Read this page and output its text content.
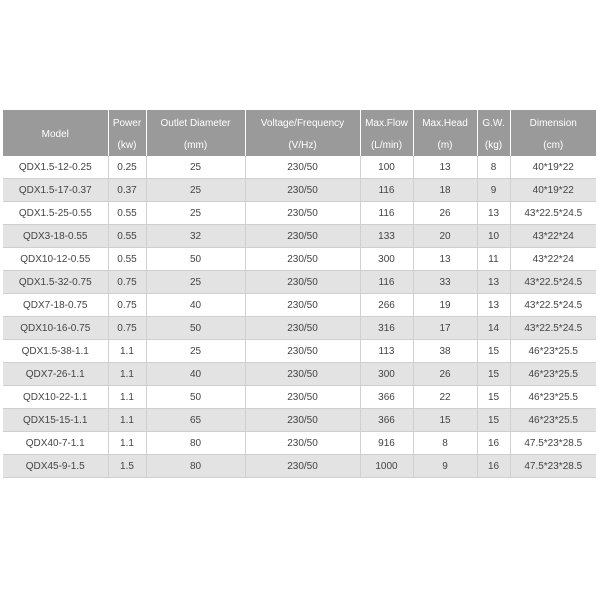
Model	Power	Outlet Diameter	Voltage/Frequency	Max.Flow	Max.Head	G.W.	Dimension
	(kw)	(mm)	(V/Hz)	(L/min)	(m)	(kg)	(cm)
QDX1.5-12-0.25	0.25	25	230/50	100	13	8	40*19*22
QDX1.5-17-0.37	0.37	25	230/50	116	18	9	40*19*22
QDX1.5-25-0.55	0.55	25	230/50	116	26	13	43*22.5*24.5
QDX3-18-0.55	0.55	32	230/50	133	20	10	43*22*24
QDX10-12-0.55	0.55	50	230/50	300	13	11	43*22*24
QDX1.5-32-0.75	0.75	25	230/50	116	33	13	43*22.5*24.5
QDX7-18-0.75	0.75	40	230/50	266	19	13	43*22.5*24.5
QDX10-16-0.75	0.75	50	230/50	316	17	14	43*22.5*24.5
QDX1.5-38-1.1	1.1	25	230/50	113	38	15	46*23*25.5
QDX7-26-1.1	1.1	40	230/50	300	26	15	46*23*25.5
QDX10-22-1.1	1.1	50	230/50	366	22	15	46*23*25.5
QDX15-15-1.1	1.1	65	230/50	366	15	15	46*23*25.5
QDX40-7-1.1	1.1	80	230/50	916	8	16	47.5*23*28.5
QDX45-9-1.5	1.5	80	230/50	1000	9	16	47.5*23*28.5
